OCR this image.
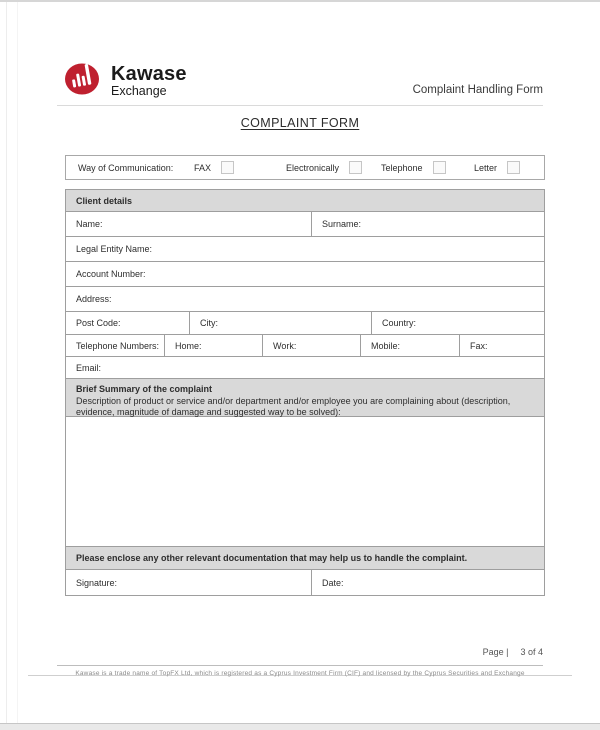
Kawase
Exchange	Complaint Handling Form
COMPLAINT FORM
Way of Communication: FAX	Electronically	Telephone	Letter
Client details
Name:	Surname:
Legal Entity Name:
Account Number:
Address:
Post Code:	City:	Country:
Telephone Numbers: Home:	Work:	Mobile:	Fax:
Email:
Brief Summary of the complaint
Description of product or service and/or department and/or employee you are complaining about (description, evidence, magnitude of damage and suggested way to be solved):
Please enclose any other relevant documentation that may help us to handle the complaint.
Signature:	Date:
Page | 3 of 4
Kawase is a trade name of TopFX Ltd, which is registered as a Cyprus Investment Firm (CIF) and licensed by the Cyprus Securities and Exchange
